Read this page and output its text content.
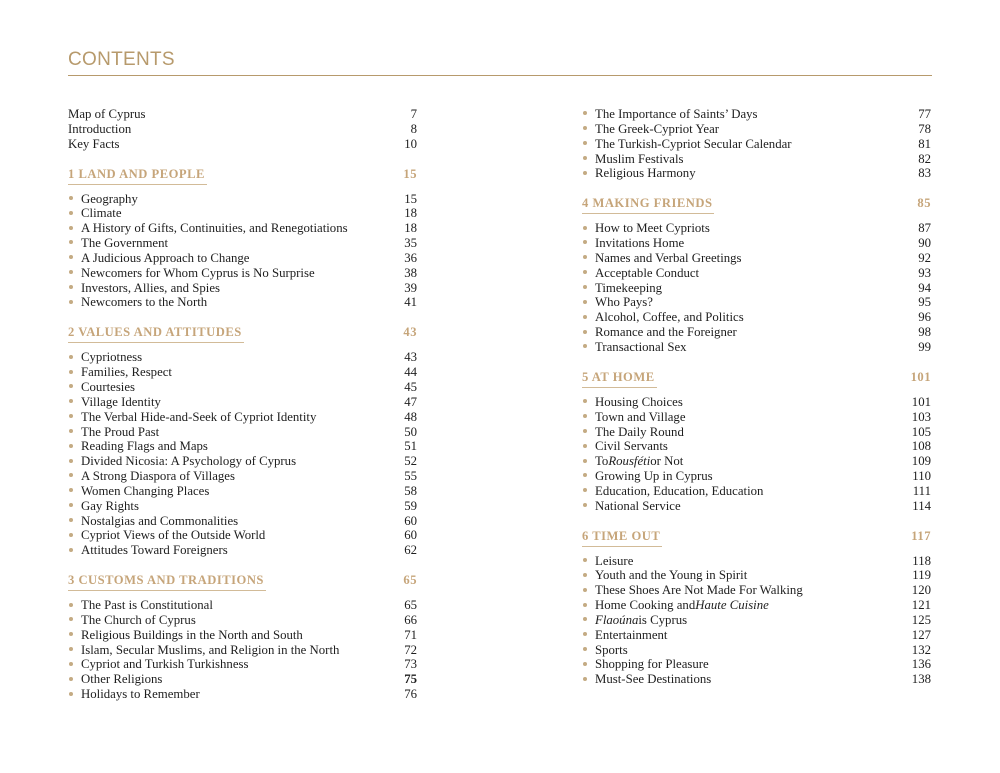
CONTENTS
Map of Cyprus	7
Introduction	8
Key Facts	10
1 LAND AND PEOPLE	15
Geography	15
Climate	18
A History of Gifts, Continuities, and Renegotiations	18
The Government	35
A Judicious Approach to Change	36
Newcomers for Whom Cyprus is No Surprise	38
Investors, Allies, and Spies	39
Newcomers to the North	41
2 VALUES AND ATTITUDES	43
Cypriotness	43
Families, Respect	44
Courtesies	45
Village Identity	47
The Verbal Hide-and-Seek of Cypriot Identity	48
The Proud Past	50
Reading Flags and Maps	51
Divided Nicosia: A Psychology of Cyprus	52
A Strong Diaspora of Villages	55
Women Changing Places	58
Gay Rights	59
Nostalgias and Commonalities	60
Cypriot Views of the Outside World	60
Attitudes Toward Foreigners	62
3 CUSTOMS AND TRADITIONS	65
The Past is Constitutional	65
The Church of Cyprus	66
Religious Buildings in the North and South	71
Islam, Secular Muslims, and Religion in the North	72
Cypriot and Turkish Turkishness	73
Other Religions	75
Holidays to Remember	76
The Importance of Saints’ Days	77
The Greek-Cypriot Year	78
The Turkish-Cypriot Secular Calendar	81
Muslim Festivals	82
Religious Harmony	83
4 MAKING FRIENDS	85
How to Meet Cypriots	87
Invitations Home	90
Names and Verbal Greetings	92
Acceptable Conduct	93
Timekeeping	94
Who Pays?	95
Alcohol, Coffee, and Politics	96
Romance and the Foreigner	98
Transactional Sex	99
5 AT HOME	101
Housing Choices	101
Town and Village	103
The Daily Round	105
Civil Servants	108
To Rousféti or Not	109
Growing Up in Cyprus	110
Education, Education, Education	111
National Service	114
6 TIME OUT	117
Leisure	118
Youth and the Young in Spirit	119
These Shoes Are Not Made For Walking	120
Home Cooking and Haute Cuisine	121
Flaoúna is Cyprus	125
Entertainment	127
Sports	132
Shopping for Pleasure	136
Must-See Destinations	138
